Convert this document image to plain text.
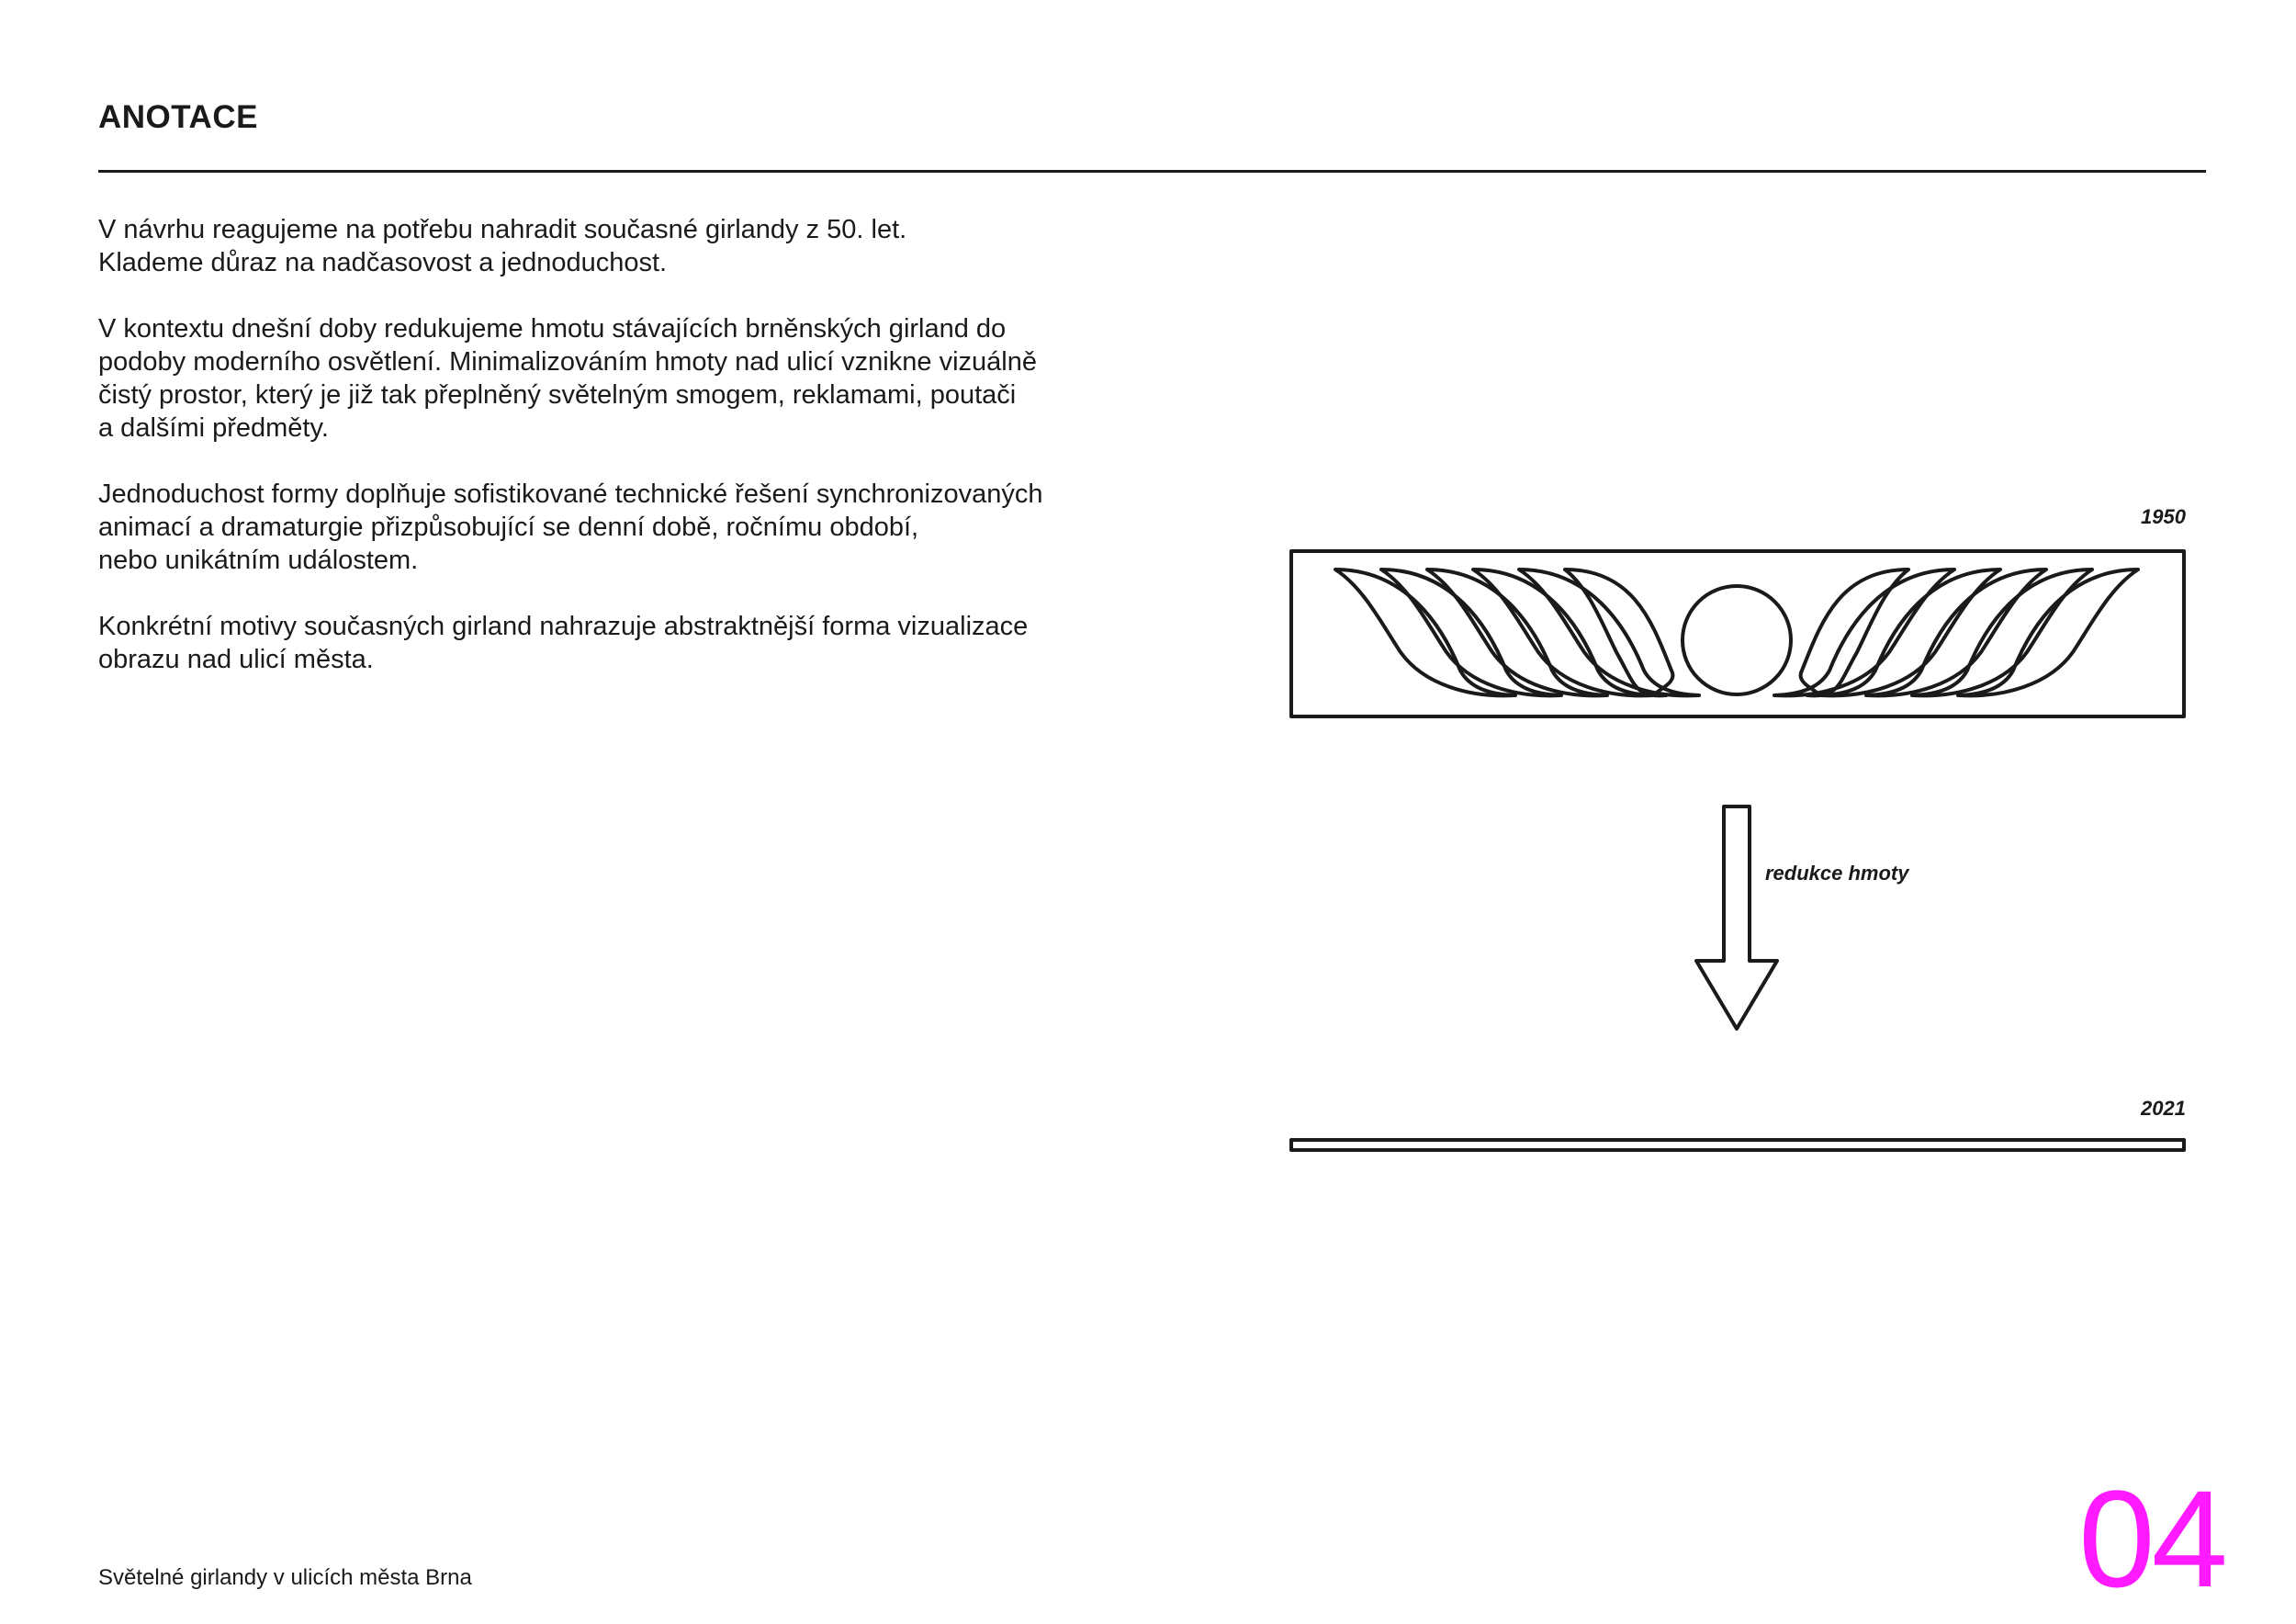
ANOTACE

V návrhu reagujeme na potřebu nahradit současné girlandy z 50. let.
Klademe důraz na nadčasovost a jednoduchost.

V kontextu dnešní doby redukujeme hmotu stávajících brněnských girland do
podoby moderního osvětlení. Minimalizováním hmoty nad ulicí vznikne vizuálně
čistý prostor, který je již tak přeplněný světelným smogem, reklamami, poutači
a dalšími předměty.

Jednoduchost formy doplňuje sofistikované technické řešení synchronizovaných
animací a dramaturgie přizpůsobující se denní době, ročnímu období,
nebo unikátním událostem.

Konkrétní motivy současných girland nahrazuje abstraktnější forma vizualizace
obrazu nad ulicí města.

1950
redukce hmoty
2021
Světelné girlandy v ulicích města Brna	04
